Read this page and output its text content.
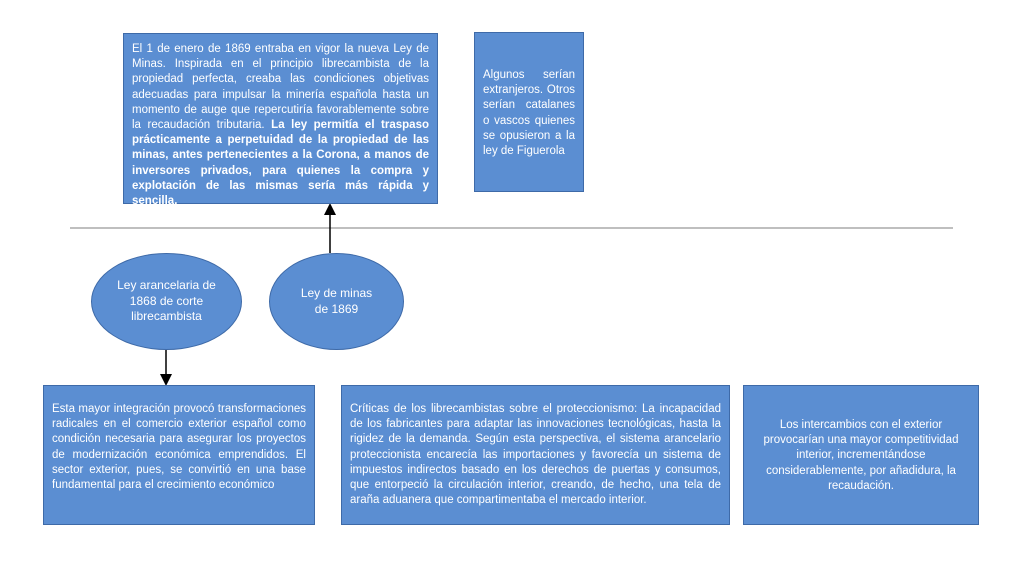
El 1 de enero de 1869 entraba en vigor la nueva Ley de Minas. Inspirada en el principio librecambista de la propiedad perfecta, creaba las condiciones objetivas adecuadas para impulsar la minería española hasta un momento de auge que repercutiría favorablemente sobre la recaudación tributaria. La ley permitía el traspaso prácticamente a perpetuidad de la propiedad de las minas, antes pertenecientes a la Corona, a manos de inversores privados, para quienes la compra y explotación de las mismas sería más rápida y sencilla.
Algunos serían extranjeros. Otros serían catalanes o vascos quienes se opusieron a la ley de Figuerola
Ley arancelaria de 1868 de corte librecambista
Ley de minas de 1869
Esta mayor integración provocó transformaciones radicales en el comercio exterior español como condición necesaria para asegurar los proyectos de modernización económica emprendidos. El sector exterior, pues, se convirtió en una base fundamental para el crecimiento económico
Críticas de los librecambistas sobre el proteccionismo: La incapacidad de los fabricantes para adaptar las innovaciones tecnológicas, hasta la rigidez de la demanda. Según esta perspectiva, el sistema arancelario proteccionista encarecía las importaciones y favorecía un sistema de impuestos indirectos basado en los derechos de puertas y consumos, que entorpeció la circulación interior, creando, de hecho, una tela de araña aduanera que compartimentaba el mercado interior.
Los intercambios con el exterior provocarían una mayor competitividad interior, incrementándose considerablemente, por añadidura, la recaudación.
